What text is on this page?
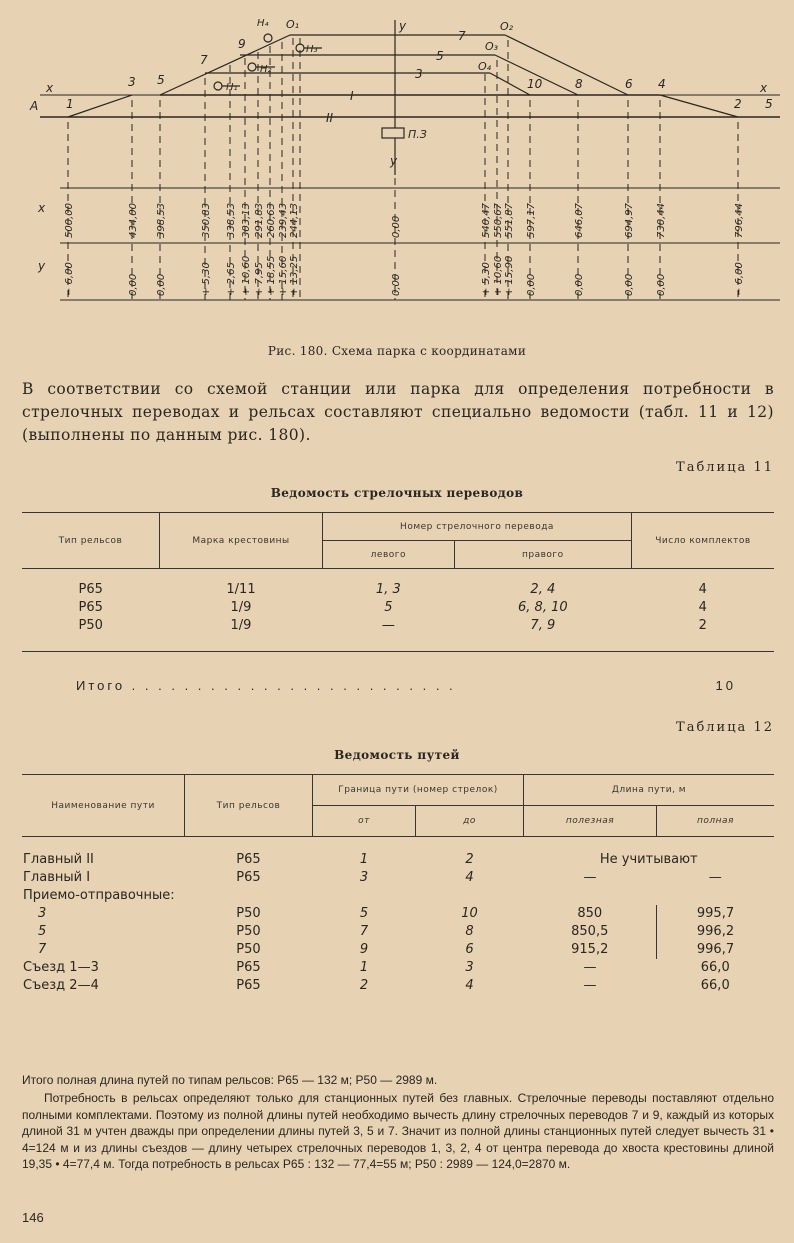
A
x	x
y
у
1
3 5
7
9
10	8	6 4
2 5
7
5
3
I
II
O₁	O₂
O₃
O₄
H₄
H₃
H₂
H₁
П.З
x
y
500,00	434,00 398,53	350,83 338,53 303,13 291,83 260,63 239,43 244,13	0,00	540,47 550,67 551,87 597,17	646,07	694,97 730,44	796,44
− 6,00	0,00 0,00	+ 5,30 + 2,65 + 10,60 + 7,95 + 18,55 + 15,60 + 13,25	0,00	+ 5,30 + 10,60 + 15,90 0,00	0,00	0,00 0,00	− 6,00
Рис. 180. Схема парка с координатами
В соответствии со схемой станции или парка для определения потребности в стрелочных переводах и рельсах составляют специально ведомости (табл. 11 и 12) (выполнены по данным рис. 180).
Таблица 11
Ведомость стрелочных переводов
Тип рельсов	Марка крестовины	Номер стрелочного перевода		Число комплектов
		левого	правого	

Р65	1/11	1, 3	2, 4	4
Р65	1/9	5	6, 8, 10	4
Р50	1/9	—	7, 9	2

Итого . . . . . . . . . . . . . . . . . . . . . . . . .	10
Таблица 12
Ведомость путей
Наименование пути	Тип рельсов	Граница пути (номер стрелок)		Длина пути, м	
		от	до	полезная	полная

Главный II	Р65	1	2	Не учитывают	
Главный I	Р65	3	4	—	—
Приемо-отправочные:					
3	Р50	5	10	850	995,7
5	Р50	7	8	850,5	996,2
7	Р50	9	6	915,2	996,7
Съезд 1—3	Р65	1	3	—	66,0
Съезд 2—4	Р65	2	4	—	66,0

Итого полная длина путей по типам рельсов: Р65 — 132 м; Р50 — 2989 м.
Потребность в рельсах определяют только для станционных путей без главных. Стрелочные переводы поставляют отдельно полными комплектами. Поэтому из полной длины путей необходимо вычесть длину стрелочных переводов 7 и 9, каждый из которых длиной 31 м учтен дважды при определении длины путей 3, 5 и 7. Значит из полной длины станционных путей следует вычесть 31 • 4=124 м и из длины съездов — длину четырех стрелочных переводов 1, 3, 2, 4 от центра перевода до хвоста крестовины длиной 19,35 • 4=77,4 м. Тогда потребность в рельсах Р65 : 132 — 77,4=55 м; Р50 : 2989 — 124,0=2870 м.
146
